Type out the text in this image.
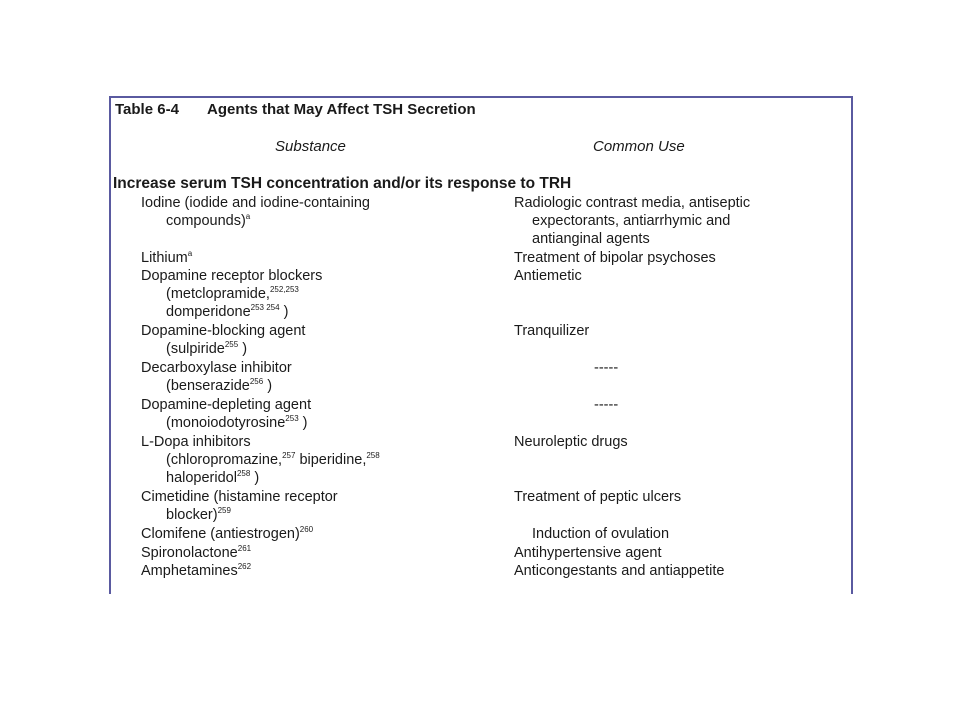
Table 6-4 Agents that May Affect TSH Secretion
Substance	Common Use
Increase serum TSH concentration and/or its response to TRH
Iodine (iodide and iodine-containing
compounds)$^a$
Lithium$^a$
Dopamine receptor blockers
(metclopramide,$^{252,253}$
domperidone$^{253 254}$ )
Dopamine-blocking agent
(sulpiride$^{255}$ )
Decarboxylase inhibitor
(benserazide$^{256}$ )
Dopamine-depleting agent
(monoiodotyrosine$^{253}$ )
L-Dopa inhibitors
(chloropromazine,$^{257}$ biperidine,$^{258}$
haloperidol$^{258}$ )
Cimetidine (histamine receptor
blocker)$^{259}$
Clomifene (antiestrogen)$^{260}$
Spironolactone$^{261}$
Amphetamines$^{262}$
Radiologic contrast media, antiseptic
expectorants, antiarrhymic and
antianginal agents
Treatment of bipolar psychoses
Antiemetic
Tranquilizer
-----
-----
Neuroleptic drugs
Treatment of peptic ulcers
Induction of ovulation
Antihypertensive agent
Anticongestants and antiappetite
